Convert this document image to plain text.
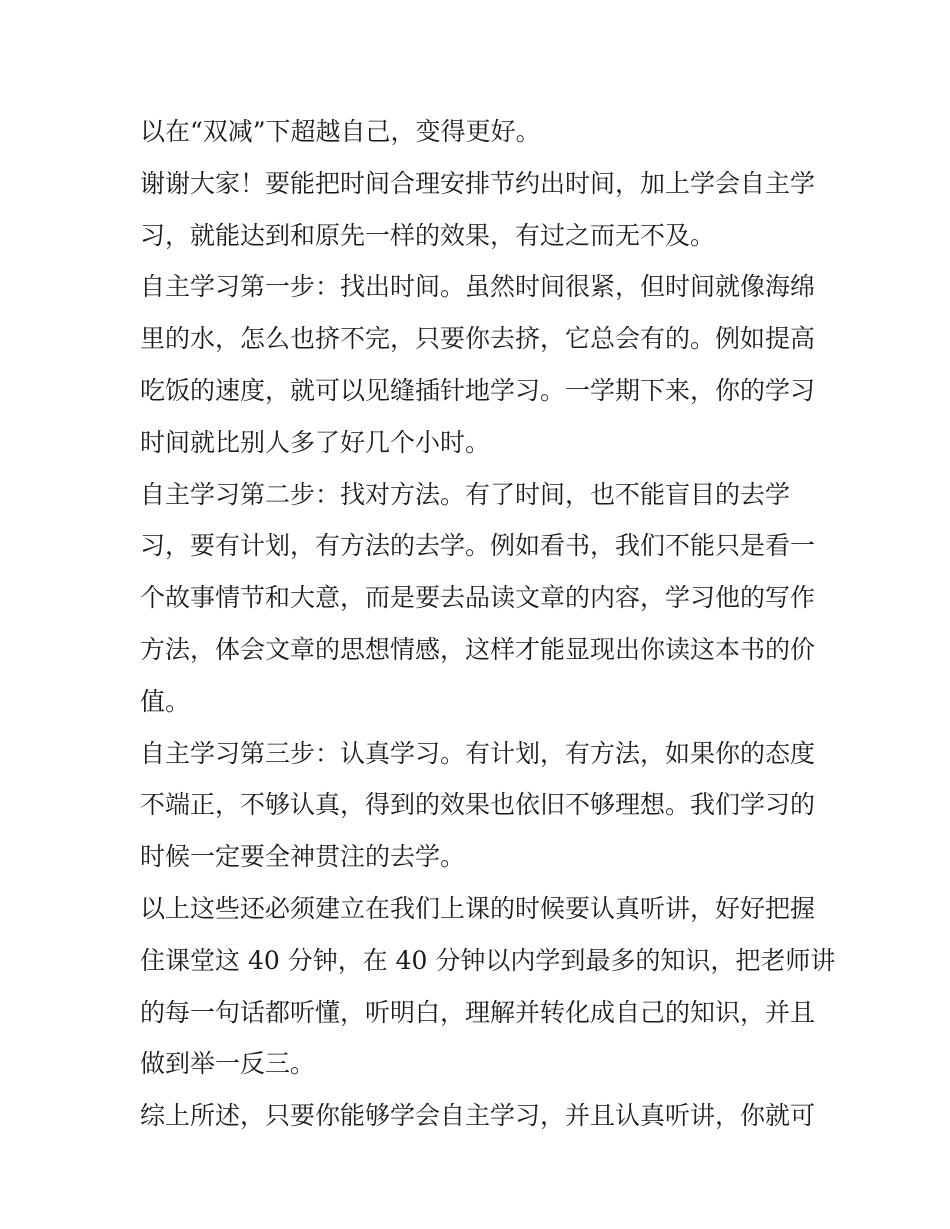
以在“双减”下超越自己，变得更好。
谢谢大家！要能把时间合理安排节约出时间，加上学会自主学
习，就能达到和原先一样的效果，有过之而无不及。
自主学习第一步：找出时间。虽然时间很紧，但时间就像海绵
里的水，怎么也挤不完，只要你去挤，它总会有的。例如提高
吃饭的速度，就可以见缝插针地学习。一学期下来，你的学习
时间就比别人多了好几个小时。
自主学习第二步：找对方法。有了时间，也不能盲目的去学
习，要有计划，有方法的去学。例如看书，我们不能只是看一
个故事情节和大意，而是要去品读文章的内容，学习他的写作
方法，体会文章的思想情感，这样才能显现出你读这本书的价
值。
自主学习第三步：认真学习。有计划，有方法，如果你的态度
不端正，不够认真，得到的效果也依旧不够理想。我们学习的
时候一定要全神贯注的去学。
以上这些还必须建立在我们上课的时候要认真听讲，好好把握
住课堂这 40 分钟，在 40 分钟以内学到最多的知识，把老师讲
的每一句话都听懂，听明白，理解并转化成自己的知识，并且
做到举一反三。
综上所述，只要你能够学会自主学习，并且认真听讲，你就可
